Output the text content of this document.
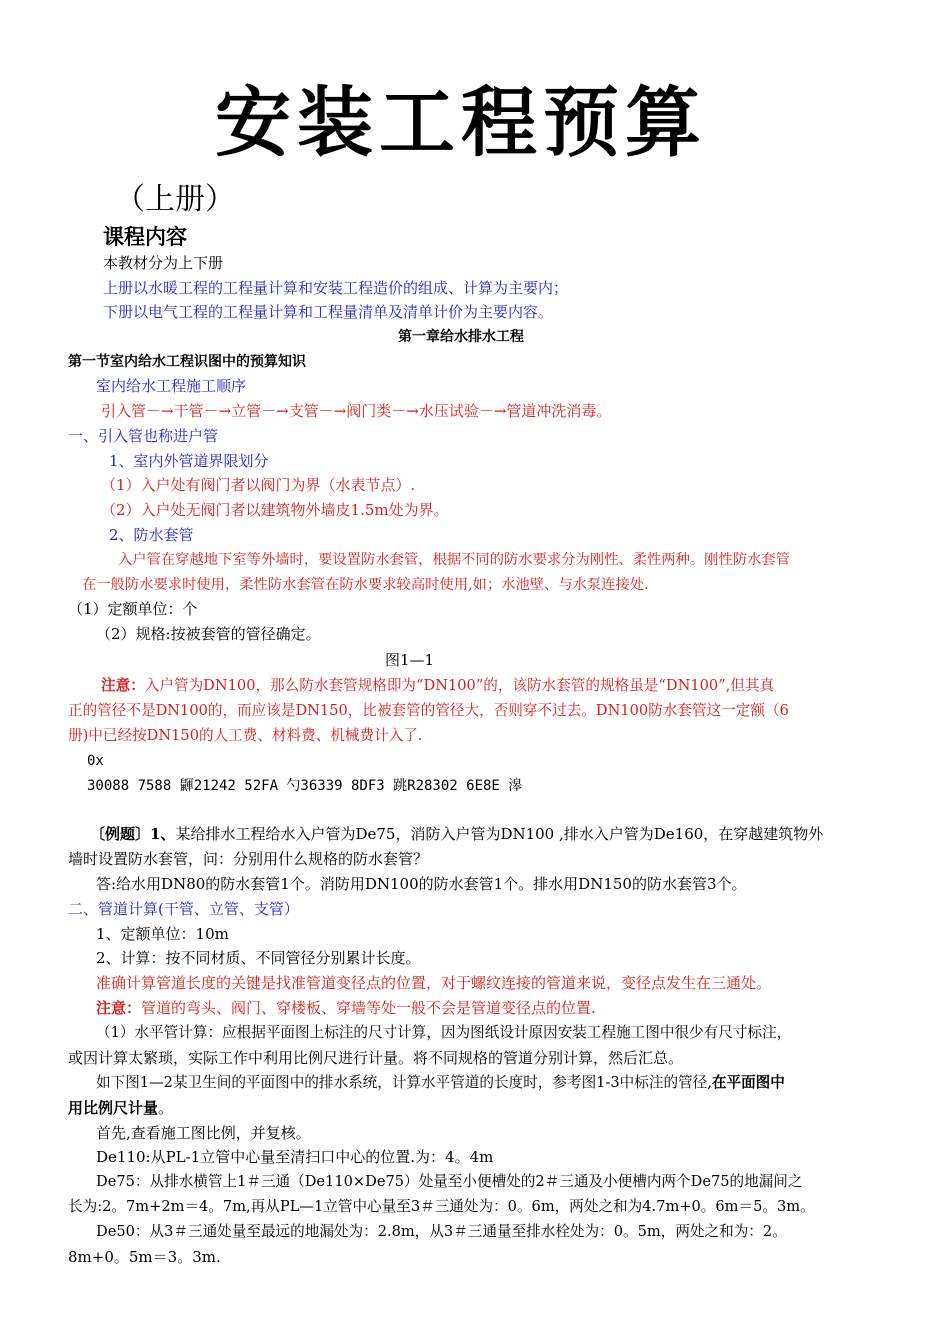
安装工程预算
（上册）
课程内容
本教材分为上下册
上册以水暖工程的工程量计算和安装工程造价的组成、计算为主要内；
下册以电气工程的工程量计算和工程量清单及清单计价为主要内容。
第一章给水排水工程
第一节室内给水工程识图中的预算知识
室内给水工程施工顺序
引入管－→干管－→立管－→支管－→阀门类－→水压试验－→管道冲洗消毒。
一、引入管也称进户管
1、室内外管道界限划分
（1）入户处有阀门者以阀门为界（水表节点）.
（2）入户处无阀门者以建筑物外墙皮1.5m处为界。
2、防水套管
入户管在穿越地下室等外墙时，要设置防水套管，根据不同的防水要求分为刚性、柔性两种。刚性防水套管
在一般防水要求时使用，柔性防水套管在防水要求较高时使用,如；水池壁、与水泵连接处.
（1）定额单位：个
（2）规格:按被套管的管径确定。
图1—1
注意：入户管为DN100，那么防水套管规格即为“DN100”的，该防水套管的规格虽是“DN100”,但其真
正的管径不是DN100的，而应该是DN150，比被套管的管径大，否则穿不过去。DN100防水套管这一定额（6
册)中已经按DN150的人工费、材料费、机械费计入了.
0x
30088 7588 鼲21242 52FA 勺36339 8DF3 跳R28302 6E8E 滜
〔例题〕1、某给排水工程给水入户管为De75，消防入户管为DN100 ,排水入户管为De160，在穿越建筑物外
墙时设置防水套管，问：分别用什么规格的防水套管？
答:给水用DN80的防水套管1个。消防用DN100的防水套管1个。排水用DN150的防水套管3个。
二、管道计算(干管、立管、支管）
1、定额单位：10m
2、计算：按不同材质、不同管径分别累计长度。
准确计算管道长度的关键是找准管道变径点的位置，对于螺纹连接的管道来说，变径点发生在三通处。
注意：管道的弯头、阀门、穿楼板、穿墙等处一般不会是管道变径点的位置.
（1）水平管计算：应根据平面图上标注的尺寸计算，因为图纸设计原因安装工程施工图中很少有尺寸标注，
或因计算太繁琐，实际工作中利用比例尺进行计量。将不同规格的管道分别计算，然后汇总。
如下图1—2某卫生间的平面图中的排水系统，计算水平管道的长度时，参考图1-3中标注的管径,在平面图中
用比例尺计量。
首先,查看施工图比例，并复核。
De110:从PL-1立管中心量至清扫口中心的位置.为：4。4m
De75：从排水横管上1＃三通（De110×De75）处量至小便槽处的2＃三通及小便槽内两个De75的地漏间之
长为:2。7m+2m＝4。7m,再从PL—1立管中心量至3＃三通处为：0。6m，两处之和为4.7m+0。6m＝5。3m。
De50：从3＃三通处量至最远的地漏处为：2.8m，从3＃三通量至排水栓处为：0。5m，两处之和为：2。
8m+0。5m＝3。3m.
